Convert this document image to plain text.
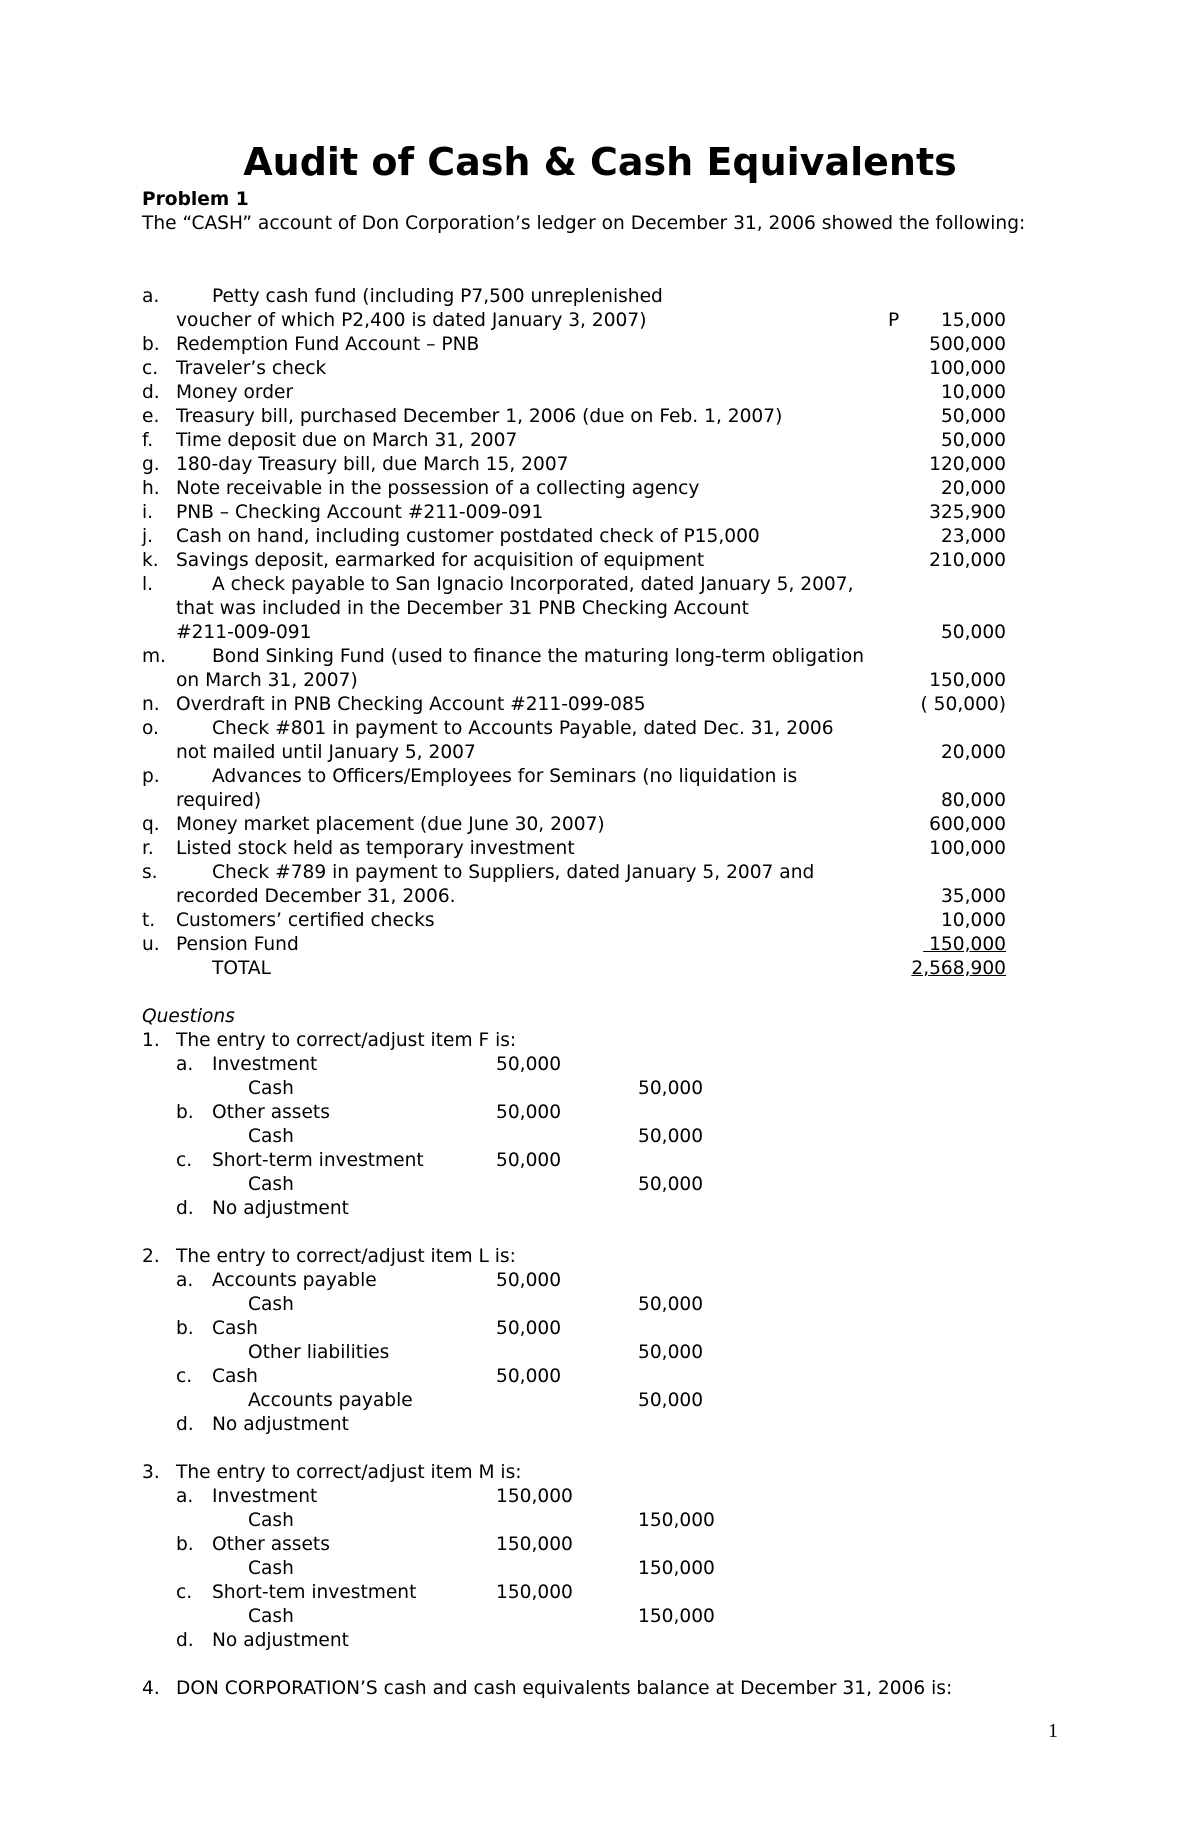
Audit of Cash & Cash Equivalents
Problem 1
The “CASH” account of Don Corporation’s ledger on December 31, 2006 showed the following:
a.	Petty cash fund (including P7,500 unreplenished
voucher of which P2,400 is dated January 3, 2007)	P 15,000
b. Redemption Fund Account – PNB	500,000
c. Traveler’s check	100,000
d. Money order	10,000
e. Treasury bill, purchased December 1, 2006 (due on Feb. 1, 2007)	50,000
f. Time deposit due on March 31, 2007	50,000
g. 180-day Treasury bill, due March 15, 2007	120,000
h. Note receivable in the possession of a collecting agency	20,000
i. PNB – Checking Account #211-009-091	325,900
j. Cash on hand, including customer postdated check of P15,000	23,000
k. Savings deposit, earmarked for acquisition of equipment	210,000
l.	A check payable to San Ignacio Incorporated, dated January 5, 2007,
that was included in the December 31 PNB Checking Account
#211-009-091	50,000
m. Bond Sinking Fund (used to finance the maturing long-term obligation
on March 31, 2007)	150,000
n. Overdraft in PNB Checking Account #211-099-085	( 50,000)
o.	Check #801 in payment to Accounts Payable, dated Dec. 31, 2006
not mailed until January 5, 2007	20,000
p.	Advances to Officers/Employees for Seminars (no liquidation is
required)	80,000
q. Money market placement (due June 30, 2007)	600,000
r. Listed stock held as temporary investment	100,000
s.	Check #789 in payment to Suppliers, dated January 5, 2007 and
recorded December 31, 2006.	35,000
t. Customers’ certified checks	10,000
u. Pension Fund	150,000
TOTAL	2,568,900
Questions
1. The entry to correct/adjust item F is:
a. Investment	50,000
Cash	50,000
b. Other assets	50,000
Cash	50,000
c. Short-term investment	50,000
Cash	50,000
d. No adjustment
2. The entry to correct/adjust item L is:
a. Accounts payable	50,000
Cash	50,000
b. Cash	50,000
Other liabilities	50,000
c. Cash	50,000
Accounts payable	50,000
d. No adjustment
3. The entry to correct/adjust item M is:
a. Investment	150,000
Cash	150,000
b. Other assets	150,000
Cash	150,000
c. Short-tem investment	150,000
Cash	150,000
d. No adjustment
4. DON CORPORATION’S cash and cash equivalents balance at December 31, 2006 is:
1
